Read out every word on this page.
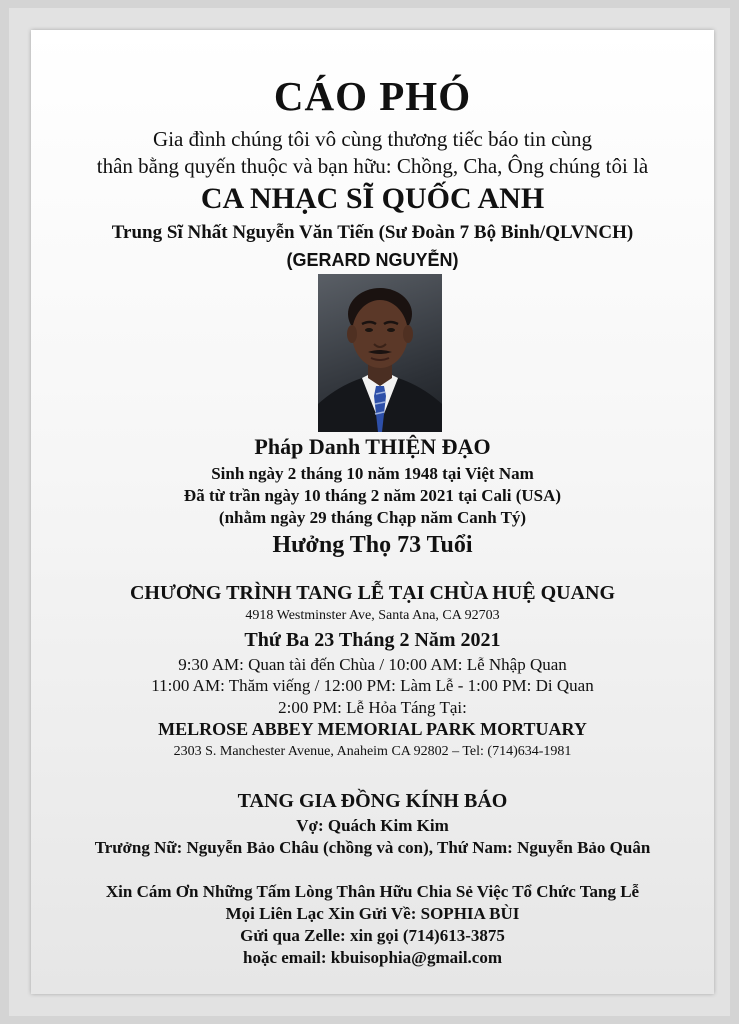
CÁO PHÓ
Gia đình chúng tôi vô cùng thương tiếc báo tin cùng
thân bằng quyến thuộc và bạn hữu: Chồng, Cha, Ông chúng tôi là
CA NHẠC SĨ QUỐC ANH
Trung Sĩ Nhất Nguyễn Văn Tiến (Sư Đoàn 7 Bộ Binh/QLVNCH)
(GERARD NGUYỄN)
Pháp Danh THIỆN ĐẠO
Sinh ngày 2 tháng 10 năm 1948 tại Việt Nam
Đã từ trần ngày 10 tháng 2 năm 2021 tại Cali (USA)
(nhằm ngày 29 tháng Chạp năm Canh Tý)
Hưởng Thọ 73 Tuổi
CHƯƠNG TRÌNH TANG LỄ TẠI CHÙA HUỆ QUANG
4918 Westminster Ave, Santa Ana, CA 92703
Thứ Ba 23 Tháng 2 Năm 2021
9:30 AM: Quan tài đến Chùa / 10:00 AM: Lễ Nhập Quan
11:00 AM: Thăm viếng / 12:00 PM: Làm Lễ - 1:00 PM: Di Quan
2:00 PM: Lễ Hỏa Táng Tại:
MELROSE ABBEY MEMORIAL PARK MORTUARY
2303 S. Manchester Avenue, Anaheim CA 92802 – Tel: (714)634-1981
TANG GIA ĐỒNG KÍNH BÁO
Vợ: Quách Kim Kim
Trưởng Nữ: Nguyễn Bảo Châu (chồng và con), Thứ Nam: Nguyễn Bảo Quân
Xin Cám Ơn Những Tấm Lòng Thân Hữu Chia Sẻ Việc Tổ Chức Tang Lễ
Mọi Liên Lạc Xin Gửi Về: SOPHIA BÙI
Gửi qua Zelle: xin gọi (714)613-3875
hoặc email: kbuisophia@gmail.com
